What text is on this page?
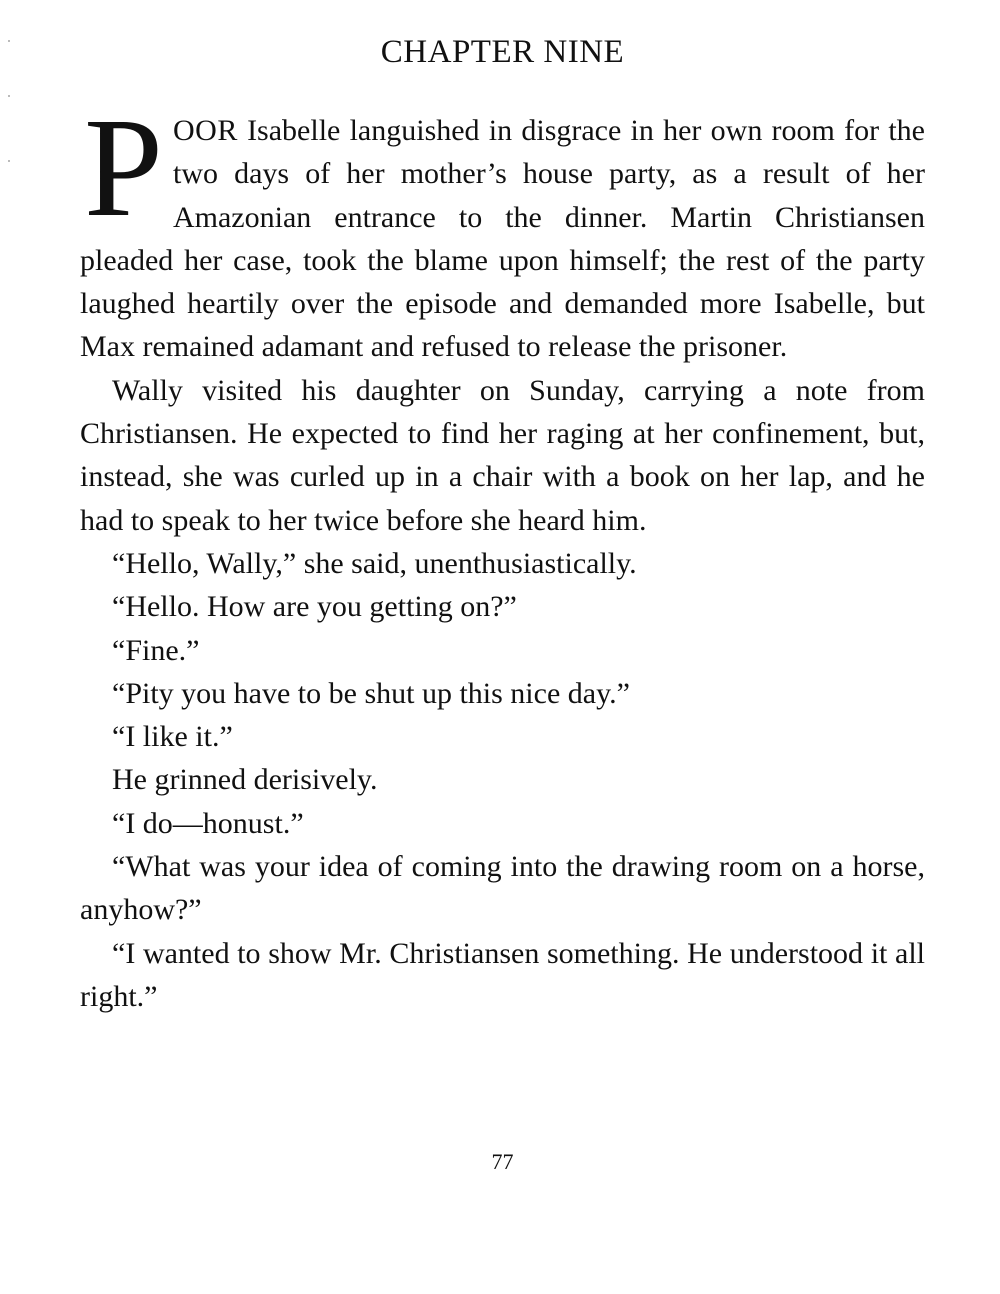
CHAPTER NINE

POOR Isabelle languished in disgrace in her own room for the two days of her mother’s house party, as a result of her Amazonian entrance to the dinner. Martin Christiansen pleaded her case, took the blame upon himself; the rest of the party laughed heartily over the episode and demanded more Isabelle, but Max remained adamant and refused to release the prisoner.

Wally visited his daughter on Sunday, carrying a note from Christiansen. He expected to find her raging at her confinement, but, instead, she was curled up in a chair with a book on her lap, and he had to speak to her twice before she heard him.

“Hello, Wally,” she said, unenthusiastically.

“Hello. How are you getting on?”

“Fine.”

“Pity you have to be shut up this nice day.”

“I like it.”

He grinned derisively.

“I do—honust.”

“What was your idea of coming into the drawing room on a horse, anyhow?”

“I wanted to show Mr. Christiansen something. He understood it all right.”

77
